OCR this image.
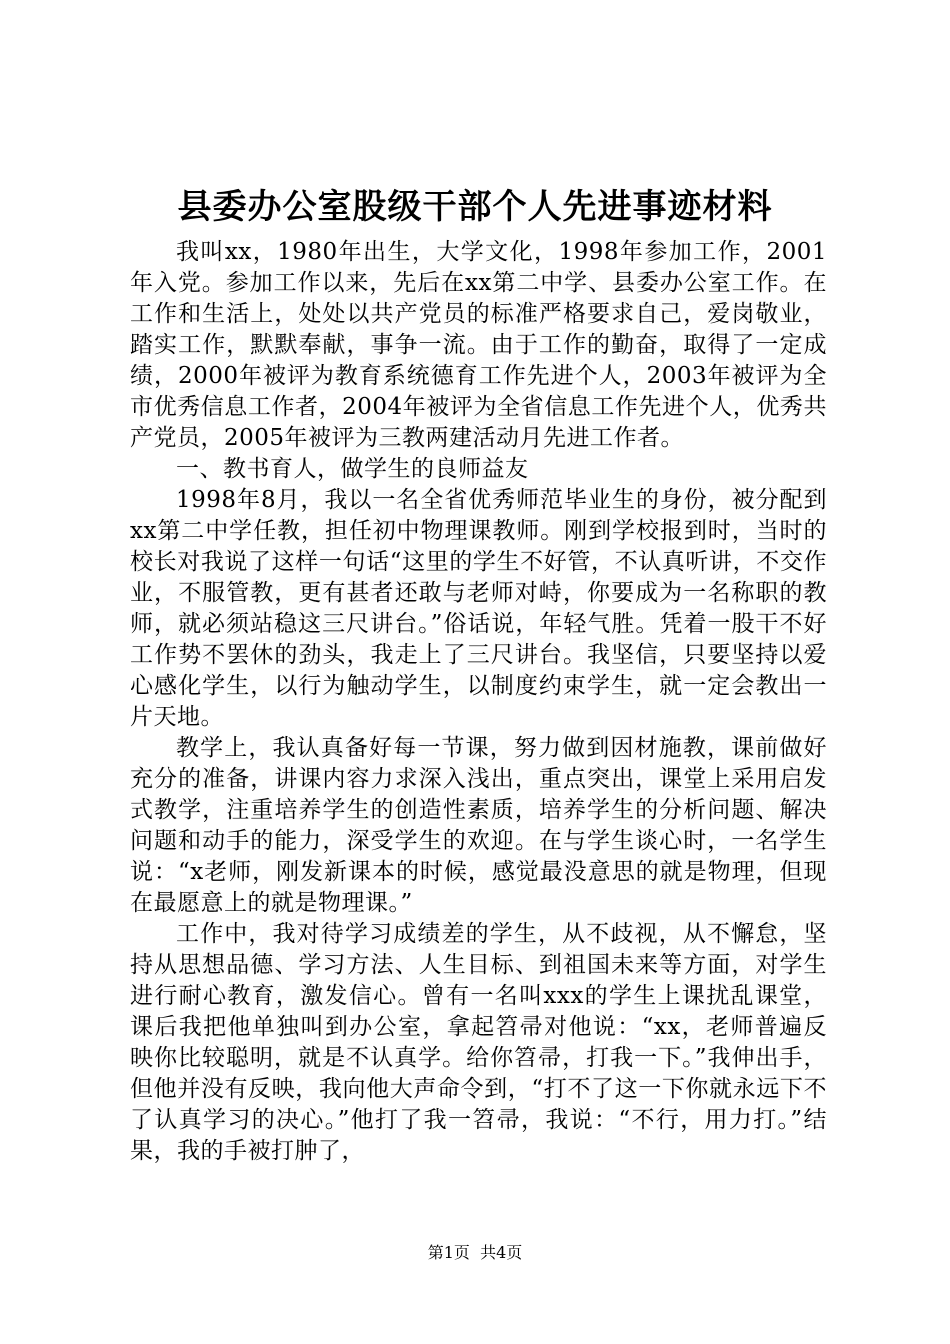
县委办公室股级干部个人先进事迹材料

我叫xx，1980年出生，大学文化，1998年参加工作，2001年入党。参加工作以来，先后在xx第二中学、县委办公室工作。在工作和生活上，处处以共产党员的标准严格要求自己，爱岗敬业，踏实工作，默默奉献，事争一流。由于工作的勤奋，取得了一定成绩，2000年被评为教育系统德育工作先进个人，2003年被评为全市优秀信息工作者，2004年被评为全省信息工作先进个人，优秀共产党员，2005年被评为三教两建活动月先进工作者。

一、教书育人，做学生的良师益友

1998年8月，我以一名全省优秀师范毕业生的身份，被分配到xx第二中学任教，担任初中物理课教师。刚到学校报到时，当时的校长对我说了这样一句话“这里的学生不好管，不认真听讲，不交作业，不服管教，更有甚者还敢与老师对峙，你要成为一名称职的教师，就必须站稳这三尺讲台。”俗话说，年轻气胜。凭着一股干不好工作势不罢休的劲头，我走上了三尺讲台。我坚信，只要坚持以爱心感化学生，以行为触动学生，以制度约束学生，就一定会教出一片天地。

教学上，我认真备好每一节课，努力做到因材施教，课前做好充分的准备，讲课内容力求深入浅出，重点突出，课堂上采用启发式教学，注重培养学生的创造性素质，培养学生的分析问题、解决问题和动手的能力，深受学生的欢迎。在与学生谈心时，一名学生说：“x老师，刚发新课本的时候，感觉最没意思的就是物理，但现在最愿意上的就是物理课。”

工作中，我对待学习成绩差的学生，从不歧视，从不懈怠，坚持从思想品德、学习方法、人生目标、到祖国未来等方面，对学生进行耐心教育，激发信心。曾有一名叫xxx的学生上课扰乱课堂，课后我把他单独叫到办公室，拿起笤帚对他说：“xx，老师普遍反映你比较聪明，就是不认真学。给你笤帚，打我一下。”我伸出手，但他并没有反映，我向他大声命令到，“打不了这一下你就永远下不了认真学习的决心。”他打了我一笤帚，我说：“不行，用力打。”结果，我的手被打肿了，

第1页 共4页
